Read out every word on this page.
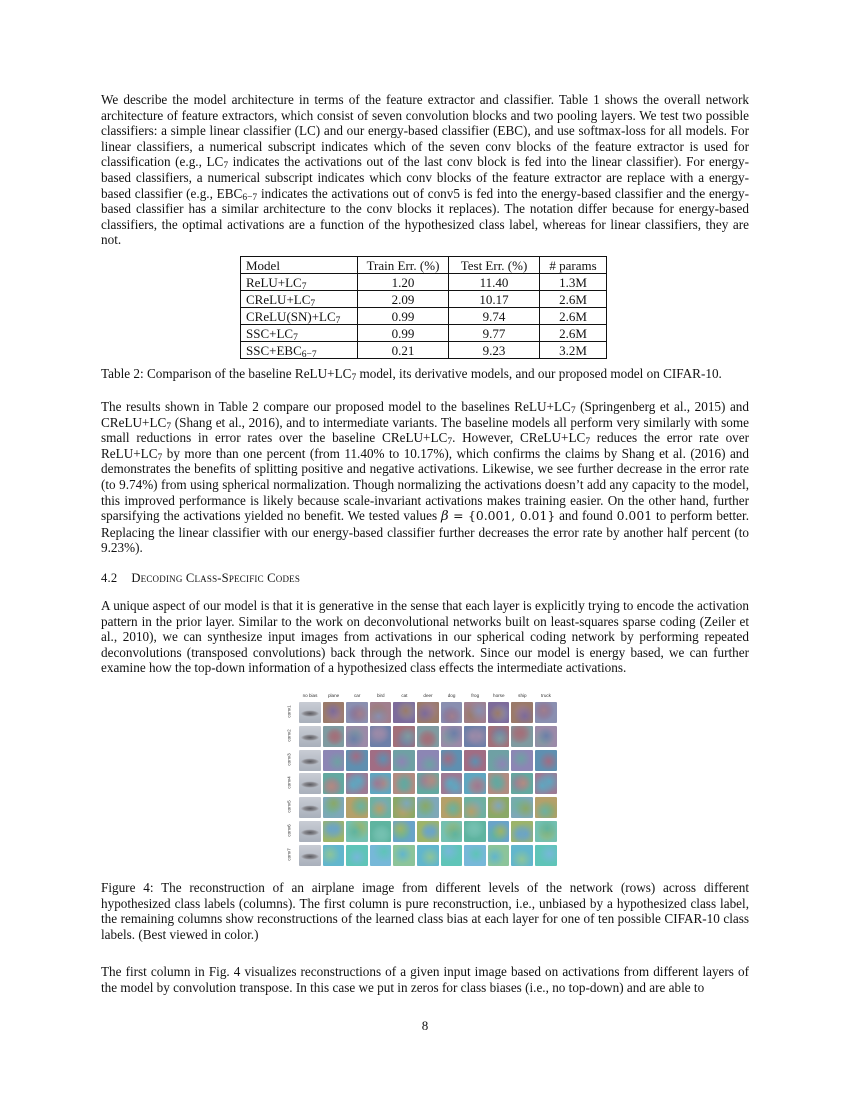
We describe the model architecture in terms of the feature extractor and classifier. Table 1 shows the overall network architecture of feature extractors, which consist of seven convolution blocks and two pooling layers. We test two possible classifiers: a simple linear classifier (LC) and our energy-based classifier (EBC), and use softmax-loss for all models. For linear classifiers, a numerical subscript indicates which of the seven conv blocks of the feature extractor is used for classification (e.g., $LC_7$ indicates the activations out of the last conv block is fed into the linear classifier). For energy-based classifiers, a numerical subscript indicates which conv blocks of the feature extractor are replace with a energy-based classifier (e.g., $EBC_{6-7}$ indicates the activations out of conv5 is fed into the energy-based classifier and the energy-based classifier has a similar architecture to the conv blocks it replaces). The notation differ because for energy-based classifiers, the optimal activations are a function of the hypothesized class label, whereas for linear classifiers, they are not.
Model	Train Err. (%)	Test Err. (%)	# params
$ReLU+LC_7$	1.20	11.40	1.3M
$CReLU+LC_7$	2.09	10.17	2.6M
$CReLU(SN)+LC_7$	0.99	9.74	2.6M
$SSC+LC_7$	0.99	9.77	2.6M
$SSC+EBC_{6-7}$	0.21	9.23	3.2M
Table 2: Comparison of the baseline $ReLU+LC_7$ model, its derivative models, and our proposed model on CIFAR-10.
The results shown in Table 2 compare our proposed model to the baselines $ReLU+LC_7$ (Springenberg et al., 2015) and $CReLU+LC_7$ (Shang et al., 2016), and to intermediate variants. The baseline models all perform very similarly with some small reductions in error rates over the baseline $CReLU+LC_7$. However, $CReLU+LC_7$ reduces the error rate over $ReLU+LC_7$ by more than one percent (from 11.40% to 10.17%), which confirms the claims by Shang et al. (2016) and demonstrates the benefits of splitting positive and negative activations. Likewise, we see further decrease in the error rate (to 9.74%) from using spherical normalization. Though normalizing the activations doesn’t add any capacity to the model, this improved performance is likely because scale-invariant activations makes training easier. On the other hand, further sparsifying the activations yielded no benefit. We tested values β = {0.001, 0.01} and found 0.001 to perform better. Replacing the linear classifier with our energy-based classifier further decreases the error rate by another half percent (to 9.23%).
4.2 Decoding Class-Specific Codes
A unique aspect of our model is that it is generative in the sense that each layer is explicitly trying to encode the activation pattern in the prior layer. Similar to the work on deconvolutional networks built on least-squares sparse coding (Zeiler et al., 2010), we can synthesize input images from activations in our spherical coding network by performing repeated deconvolutions (transposed convolutions) back through the network. Since our model is energy based, we can further examine how the top-down information of a hypothesized class effects the intermediate activations.
no bias	plane	car	bird	cat	deer	dog	frog	horse	ship	truck
conv1
conv2
conv3
conv4
conv5
conv6
conv7
Figure 4: The reconstruction of an airplane image from different levels of the network (rows) across different hypothesized class labels (columns). The first column is pure reconstruction, i.e., unbiased by a hypothesized class label, the remaining columns show reconstructions of the learned class bias at each layer for one of ten possible CIFAR-10 class labels. (Best viewed in color.)
The first column in Fig. 4 visualizes reconstructions of a given input image based on activations from different layers of the model by convolution transpose. In this case we put in zeros for class biases (i.e., no top-down) and are able to
8
